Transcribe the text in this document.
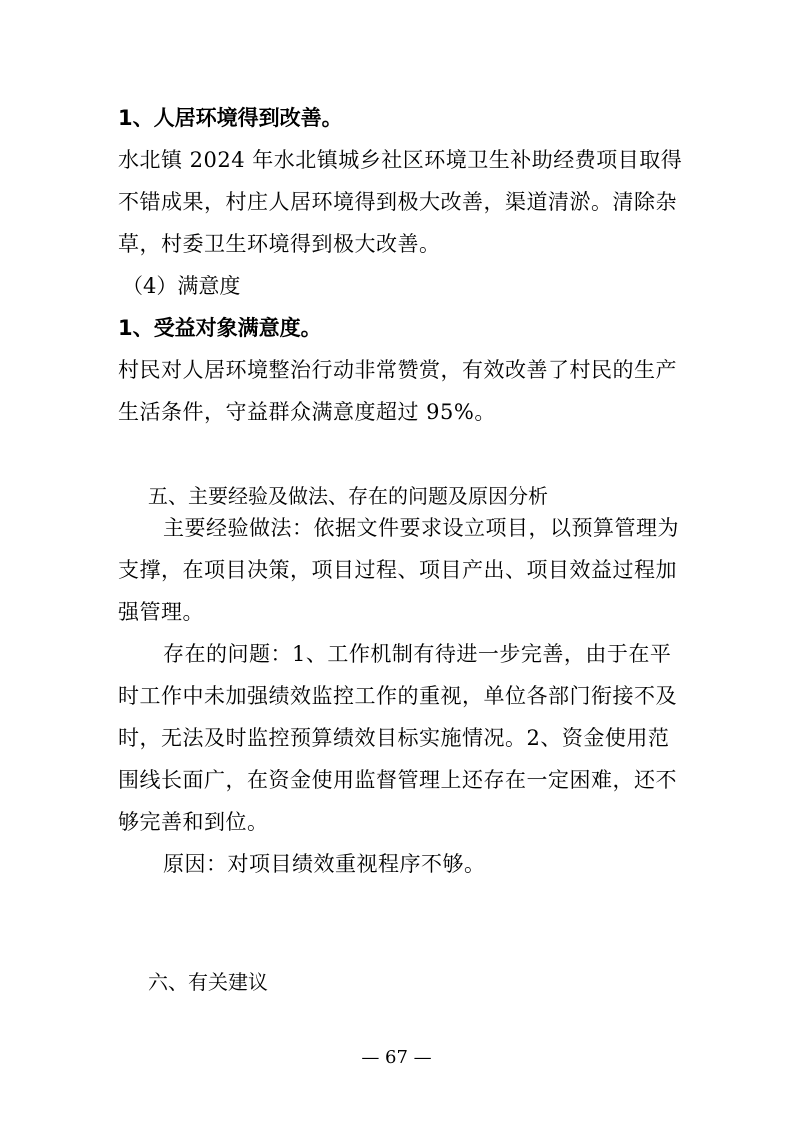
1、人居环境得到改善。
水北镇 2024 年水北镇城乡社区环境卫生补助经费项目取得
不错成果，村庄人居环境得到极大改善，渠道清淤。清除杂
草，村委卫生环境得到极大改善。
（4）满意度
1、受益对象满意度。
村民对人居环境整治行动非常赞赏，有效改善了村民的生产
生活条件，守益群众满意度超过 95%。
五、主要经验及做法、存在的问题及原因分析
主要经验做法：依据文件要求设立项目，以预算管理为
支撑，在项目决策，项目过程、项目产出、项目效益过程加
强管理。
存在的问题：1、工作机制有待进一步完善，由于在平
时工作中未加强绩效监控工作的重视，单位各部门衔接不及
时，无法及时监控预算绩效目标实施情况。2、资金使用范
围线长面广，在资金使用监督管理上还存在一定困难，还不
够完善和到位。
原因：对项目绩效重视程序不够。
六、有关建议
— 67 —
